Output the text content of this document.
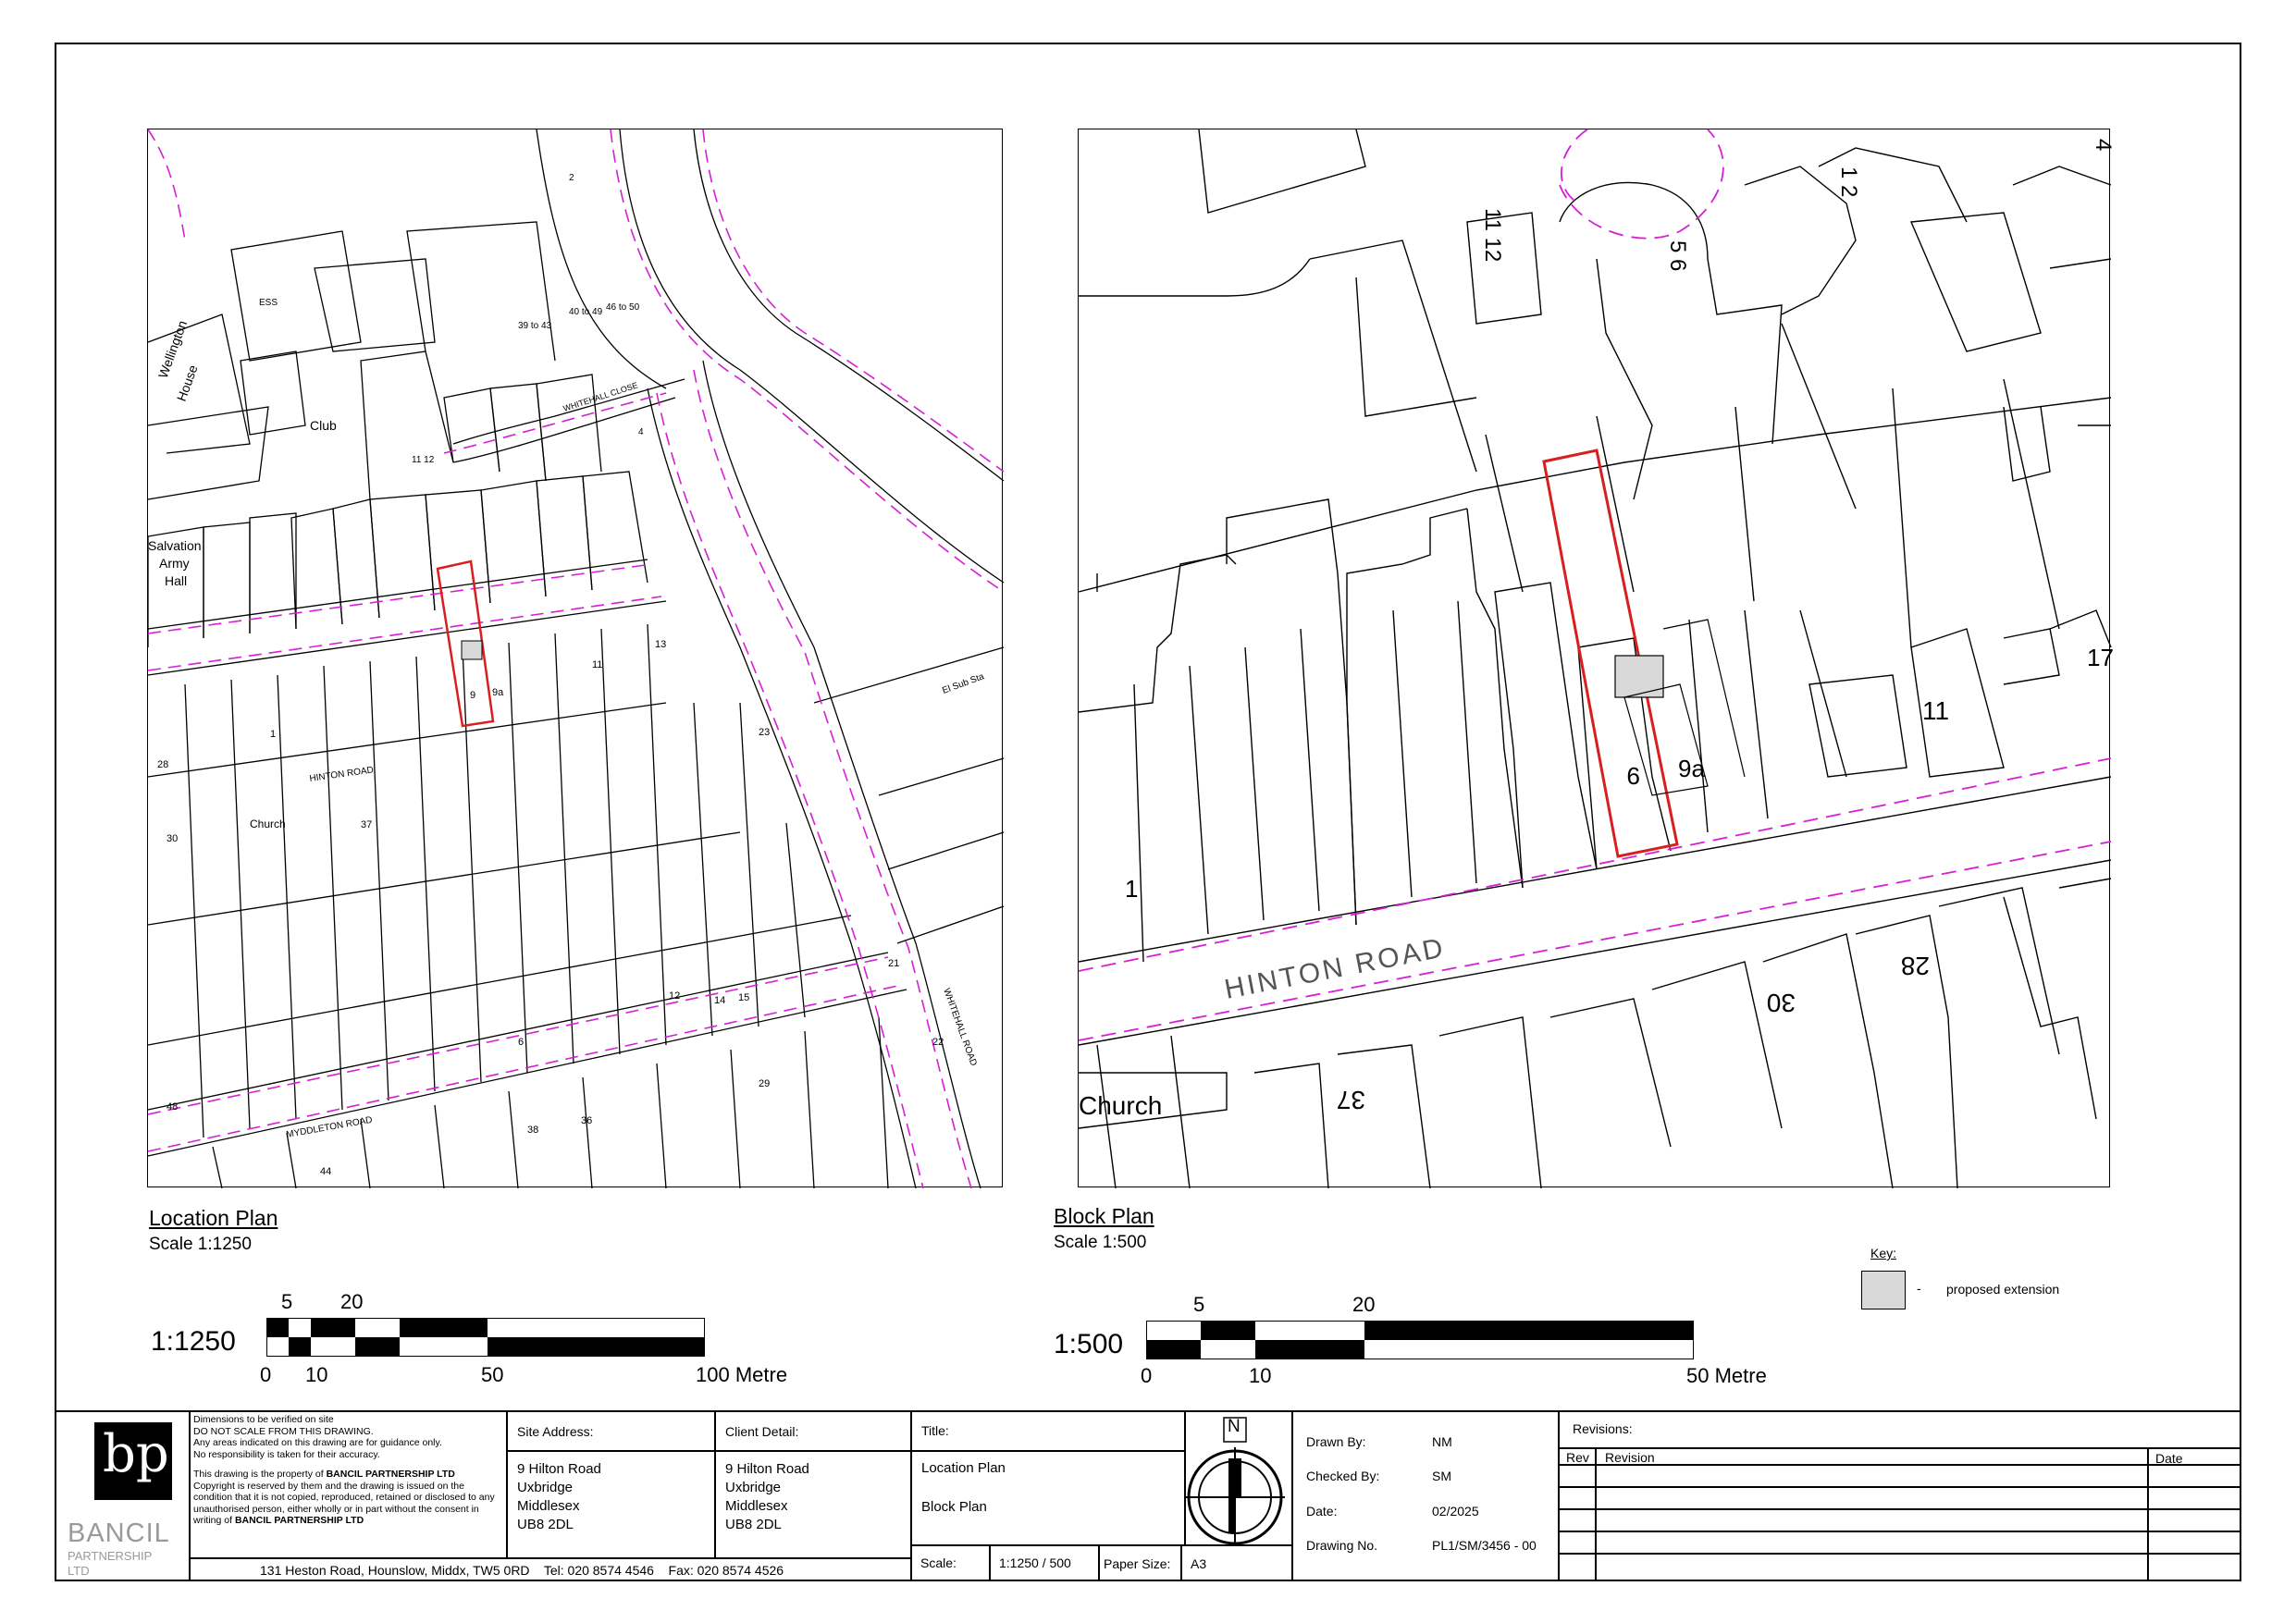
Salvation
Army
Hall
Club
Church
ESS
Wellington
House
El Sub Sta
HINTON ROAD
MYDDLETON ROAD
WHITEHALL CLOSE
WHITEHALL ROAD
9 9a
1
11
13
37
30
28
23
21
12	14 15
6	22
29
36
38
44
48
46 to 50
40 to 49
39 to 43
11 12
2
4
HINTON ROAD
Church
9 9a
11
1
30
28
37
11 12	5 6
1 2
17
4
Location Plan
Scale 1:1250
1:1250
5 20
0 10	50	100 Metre
Block Plan
Scale 1:500
1:500
5	20
0	10	50 Metre
Key:
- proposed extension
bp
BANCIL
PARTNERSHIP
LTD
Dimensions to be verified on site
DO NOT SCALE FROM THIS DRAWING.
Any areas indicated on this drawing are for guidance only.
No responsibility is taken for their accuracy.
This drawing is the property of BANCIL PARTNERSHIP LTD
Copyright is reserved by them and the drawing is issued on the condition that it is not copied, reproduced, retained or disclosed to any unauthorised person, either wholly or in part without the consent in writing of BANCIL PARTNERSHIP LTD
131 Heston Road, Hounslow, Middx, TW5 0RD    Tel: 020 8574 4546    Fax: 020 8574 4526
Site Address:
9 Hilton Road
Uxbridge
Middlesex
UB8 2DL
Client Detail:
9 Hilton Road
Uxbridge
Middlesex
UB8 2DL
Title:
Location Plan
Block Plan
Scale:	1:1250 / 500	Paper Size: A3
N
Drawn By:	NM
Checked By:	SM
Date:	02/2025
Drawing No.	PL1/SM/3456 - 00
Revisions:
Rev Revision	Date
